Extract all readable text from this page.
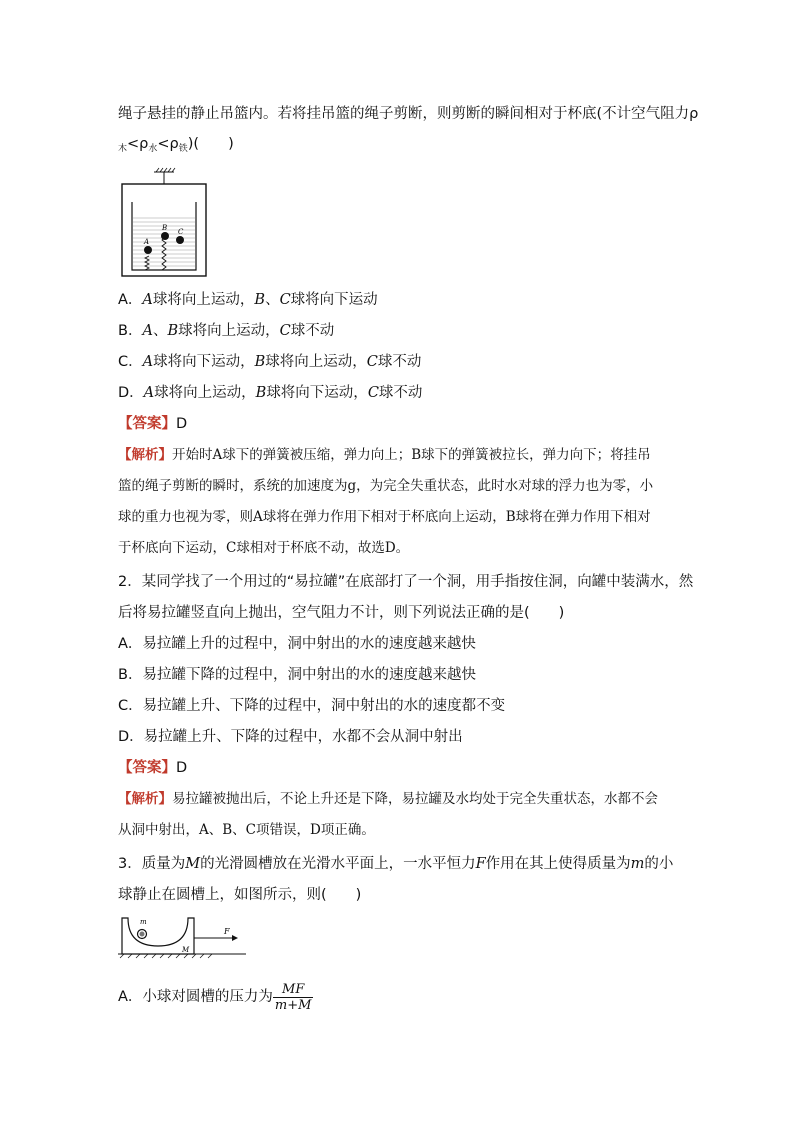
绳子悬挂的静止吊篮内。若将挂吊篮的绳子剪断，则剪断的瞬间相对于杯底(不计空气阻力ρ
$_木<\rho_水<\rho_铁$)(　　)
A
B C
A．A球将向上运动，B、C球将向下运动
B．A、B球将向上运动，C球不动
C．A球将向下运动，B球将向上运动，C球不动
D．A球将向上运动，B球将向下运动，C球不动
【答案】D
【解析】开始时A球下的弹簧被压缩，弹力向上；B球下的弹簧被拉长，弹力向下；将挂吊
篮的绳子剪断的瞬时，系统的加速度为g，为完全失重状态，此时水对球的浮力也为零，小
球的重力也视为零，则A球将在弹力作用下相对于杯底向上运动，B球将在弹力作用下相对
于杯底向下运动，C球相对于杯底不动，故选D。
2．某同学找了一个用过的“易拉罐”在底部打了一个洞，用手指按住洞，向罐中装满水，然
后将易拉罐竖直向上抛出，空气阻力不计，则下列说法正确的是(　　)
A．易拉罐上升的过程中，洞中射出的水的速度越来越快
B．易拉罐下降的过程中，洞中射出的水的速度越来越快
C．易拉罐上升、下降的过程中，洞中射出的水的速度都不变
D．易拉罐上升、下降的过程中，水都不会从洞中射出
【答案】D
【解析】易拉罐被抛出后，不论上升还是下降，易拉罐及水均处于完全失重状态，水都不会
从洞中射出，A、B、C项错误，D项正确。
3．质量为M的光滑圆槽放在光滑水平面上，一水平恒力F作用在其上使得质量为m的小
球静止在圆槽上，如图所示，则(　　)
m
M
F
A．小球对圆槽的压力为 $\frac{MF}{m+M}$
